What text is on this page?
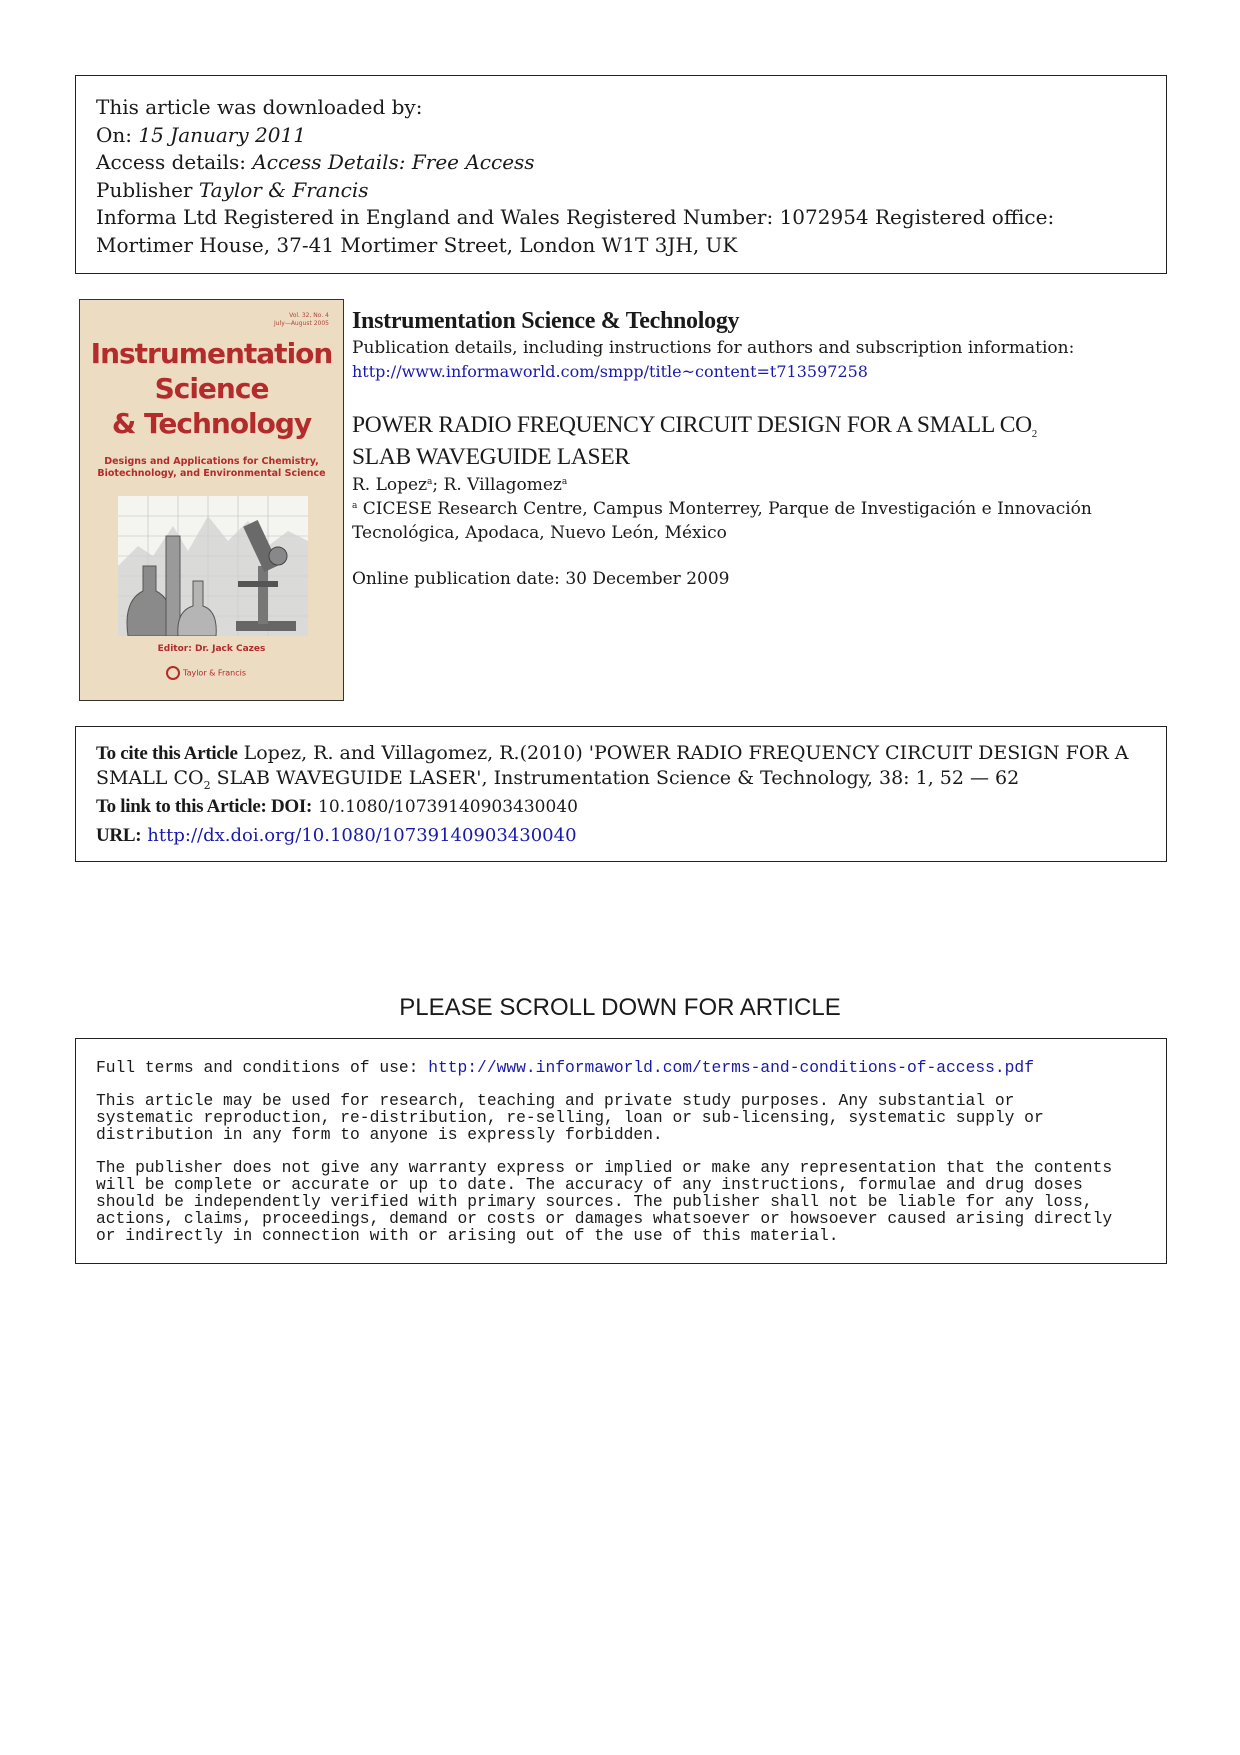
This article was downloaded by:
On: 15 January 2011
Access details: Access Details: Free Access
Publisher Taylor & Francis
Informa Ltd Registered in England and Wales Registered Number: 1072954 Registered office: Mortimer House, 37-41 Mortimer Street, London W1T 3JH, UK
Vol. 32, No. 4
July—August 2005
Instrumentation
Science
& Technology
Designs and Applications for Chemistry,
Biotechnology, and Environmental Science
Editor: Dr. Jack Cazes
Taylor & Francis
Instrumentation Science & Technology
Publication details, including instructions for authors and subscription information:
http://www.informaworld.com/smpp/title~content=t713597258
POWER RADIO FREQUENCY CIRCUIT DESIGN FOR A SMALL $CO_2$
SLAB WAVEGUIDE LASER
R. Lopez$^a$; R. Villagomez$^a$
$^a$ CICESE Research Centre, Campus Monterrey, Parque de Investigación e Innovación Tecnológica, Apodaca, Nuevo León, México
Online publication date: 30 December 2009
To cite this Article Lopez, R. and Villagomez, R.(2010) 'POWER RADIO FREQUENCY CIRCUIT DESIGN FOR A SMALL $CO_2$ SLAB WAVEGUIDE LASER', Instrumentation Science & Technology, 38: 1, 52 — 62
To link to this Article: DOI: 10.1080/10739140903430040
URL: http://dx.doi.org/10.1080/10739140903430040
PLEASE SCROLL DOWN FOR ARTICLE

Full terms and conditions of use: http://www.informaworld.com/terms-and-conditions-of-access.pdf

This article may be used for research, teaching and private study purposes. Any substantial or
systematic reproduction, re-distribution, re-selling, loan or sub-licensing, systematic supply or
distribution in any form to anyone is expressly forbidden.

The publisher does not give any warranty express or implied or make any representation that the contents
will be complete or accurate or up to date. The accuracy of any instructions, formulae and drug doses
should be independently verified with primary sources. The publisher shall not be liable for any loss,
actions, claims, proceedings, demand or costs or damages whatsoever or howsoever caused arising directly
or indirectly in connection with or arising out of the use of this material.
